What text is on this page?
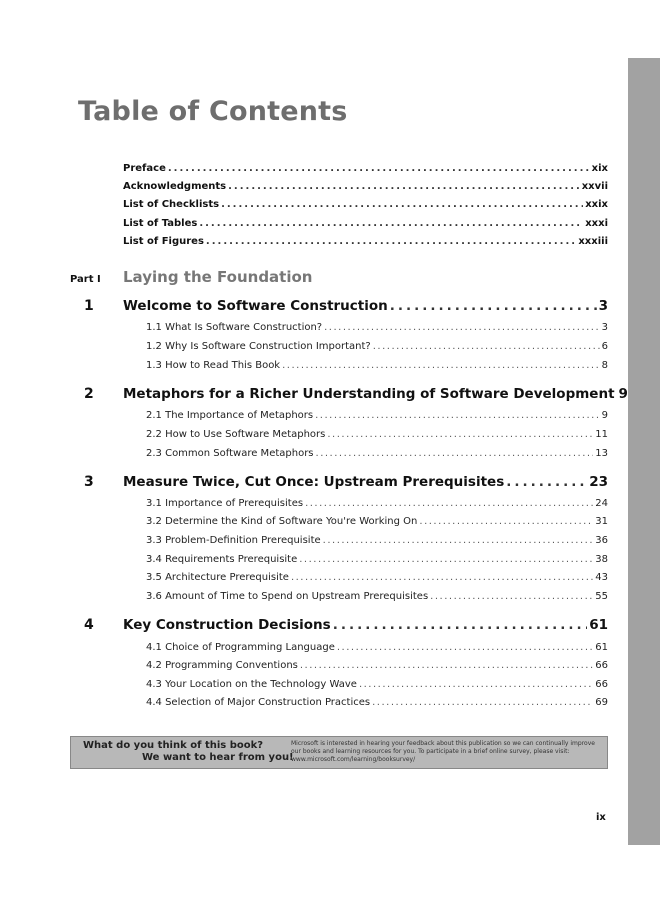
Table of Contents
Preface .....	xix
Acknowledgments .....	xxvii
List of Checklists .....	xxix
List of Tables .....	xxxi
List of Figures .....	xxxiii
Part I Laying the Foundation
1 Welcome to Software Construction .....	3
1.1 What Is Software Construction? .....	3
1.2 Why Is Software Construction Important? .....	6
1.3 How to Read This Book .....	8
2 Metaphors for a Richer Understanding of Software Development 9
2.1 The Importance of Metaphors .....	9
2.2 How to Use Software Metaphors .....	11
2.3 Common Software Metaphors .....	13
3 Measure Twice, Cut Once: Upstream Prerequisites .....	23
3.1 Importance of Prerequisites .....	24
3.2 Determine the Kind of Software You're Working On .....	31
3.3 Problem-Definition Prerequisite .....	36
3.4 Requirements Prerequisite .....	38
3.5 Architecture Prerequisite .....	43
3.6 Amount of Time to Spend on Upstream Prerequisites .....	55
4 Key Construction Decisions .....	61
4.1 Choice of Programming Language .....	61
4.2 Programming Conventions .....	66
4.3 Your Location on the Technology Wave .....	66
4.4 Selection of Major Construction Practices .....	69
What do you think of this book?
We want to hear from you!
Microsoft is interested in hearing your feedback about this publication so we can continually improve our books and learning resources for you. To participate in a brief online survey, please visit: www.microsoft.com/learning/booksurvey/
ix
